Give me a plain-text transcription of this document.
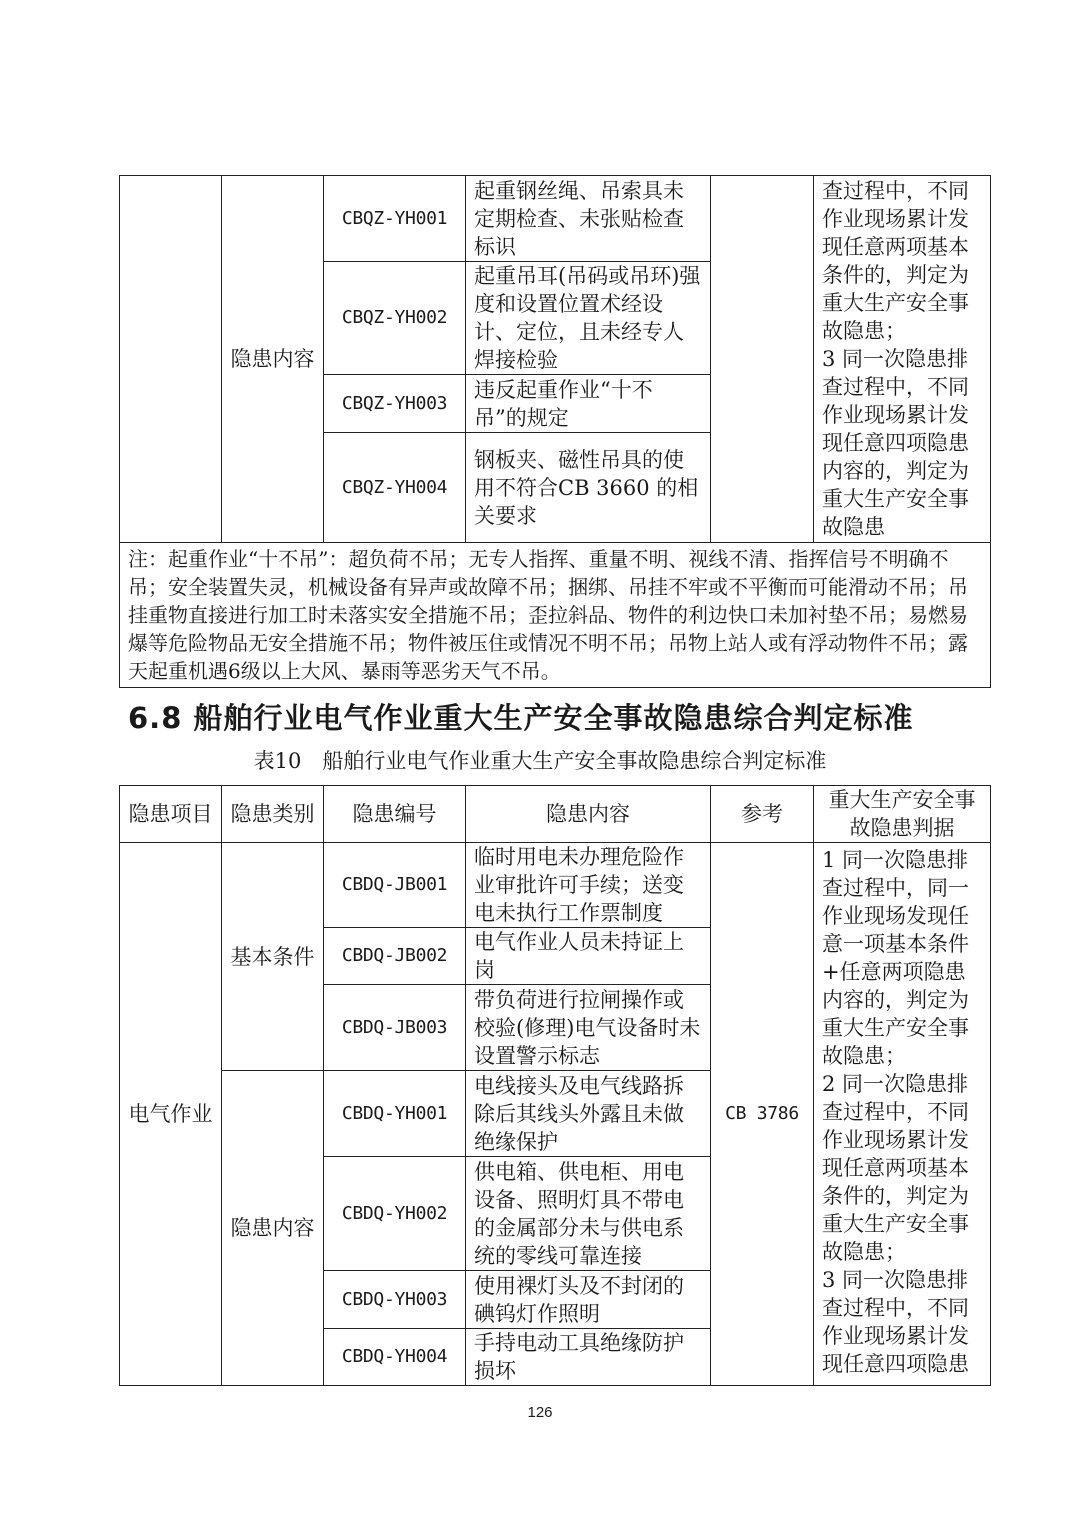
	隐患内容	CBQZ-YH001	起重钢丝绳、吊索具未定期检查、未张贴检查标识		查过程中，不同作业现场累计发现任意两项基本条件的，判定为重大生产安全事故隐患；
3 同一次隐患排查过程中，不同作业现场累计发现任意四项隐患内容的，判定为重大生产安全事故隐患
		CBQZ-YH002	起重吊耳(吊码或吊环)强度和设置位置术经设计、定位，且未经专人焊接检验		
		CBQZ-YH003	违反起重作业“十不吊”的规定		
		CBQZ-YH004	钢板夹、磁性吊具的使用不符合CB 3660 的相关要求		
注：起重作业“十不吊”：超负荷不吊；无专人指挥、重量不明、视线不清、指挥信号不明确不吊；安全装置失灵，机械设备有异声或故障不吊；捆绑、吊挂不牢或不平衡而可能滑动不吊；吊挂重物直接进行加工时未落实安全措施不吊；歪拉斜品、物件的利边快口未加衬垫不吊；易燃易爆等危险物品无安全措施不吊；物件被压住或情况不明不吊；吊物上站人或有浮动物件不吊；露天起重机遇6级以上大风、暴雨等恶劣天气不吊。					
6.8 船舶行业电气作业重大生产安全事故隐患综合判定标准
表10　船舶行业电气作业重大生产安全事故隐患综合判定标准
隐患项目	隐患类别	隐患编号	隐患内容	参考	重大生产安全事故隐患判据
电气作业	基本条件	CBDQ-JB001	临时用电未办理危险作业审批许可手续；送变电未执行工作票制度	CB 3786	1 同一次隐患排查过程中，同一作业现场发现任意一项基本条件+任意两项隐患内容的，判定为重大生产安全事故隐患；
2 同一次隐患排查过程中，不同作业现场累计发现任意两项基本条件的，判定为重大生产安全事故隐患；
3 同一次隐患排查过程中，不同作业现场累计发现任意四项隐患
		CBDQ-JB002	电气作业人员未持证上岗		
		CBDQ-JB003	带负荷进行拉闸操作或校验(修理)电气设备时未设置警示标志		
	隐患内容	CBDQ-YH001	电线接头及电气线路拆除后其线头外露且未做绝缘保护		
		CBDQ-YH002	供电箱、供电柜、用电设备、照明灯具不带电的金属部分未与供电系统的零线可靠连接		
		CBDQ-YH003	使用裸灯头及不封闭的碘钨灯作照明		
		CBDQ-YH004	手持电动工具绝缘防护损坏		
126
